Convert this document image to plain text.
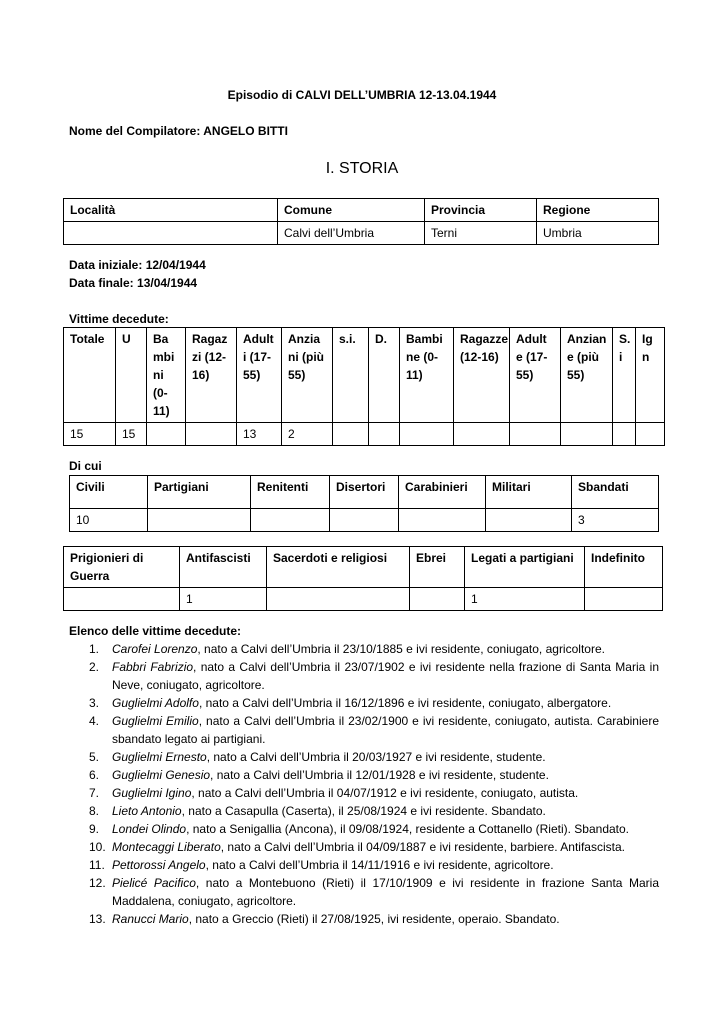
Episodio di CALVI DELL’UMBRIA 12-13.04.1944
Nome del Compilatore: ANGELO BITTI
I. STORIA
Località	Comune	Provincia	Regione
	Calvi dell’Umbria	Terni	Umbria
Data iniziale: 12/04/1944
Data finale: 13/04/1944
Vittime decedute:
Totale	U	Ba mbi ni (0- 11)	Ragaz zi (12- 16)	Adult i (17- 55)	Anzia ni (più 55)	s.i.	D.	Bambi ne (0- 11)	Ragazze (12-16)	Adult e (17- 55)	Anzian e (più 55)	S. i	Ig n
15	15			13	2								
Di cui
Civili	Partigiani	Renitenti	Disertori	Carabinieri	Militari	Sbandati
10						3
Prigionieri di Guerra	Antifascisti	Sacerdoti e religiosi	Ebrei	Legati a partigiani	Indefinito
	1			1	
Elenco delle vittime decedute:
1. Carofei Lorenzo, nato a Calvi dell’Umbria il 23/10/1885 e ivi residente, coniugato, agricoltore.
2. Fabbri Fabrizio, nato a Calvi dell’Umbria il 23/07/1902 e ivi residente nella frazione di Santa Maria in Neve, coniugato, agricoltore.
3. Guglielmi Adolfo, nato a Calvi dell’Umbria il 16/12/1896 e ivi residente, coniugato, albergatore.
4. Guglielmi Emilio, nato a Calvi dell’Umbria il 23/02/1900 e ivi residente, coniugato, autista. Carabiniere sbandato legato ai partigiani.
5. Guglielmi Ernesto, nato a Calvi dell’Umbria il 20/03/1927 e ivi residente, studente.
6. Guglielmi Genesio, nato a Calvi dell’Umbria il 12/01/1928 e ivi residente, studente.
7. Guglielmi Igino, nato a Calvi dell’Umbria il 04/07/1912 e ivi residente, coniugato, autista.
8. Lieto Antonio, nato a Casapulla (Caserta), il 25/08/1924 e ivi residente. Sbandato.
9. Londei Olindo, nato a Senigallia (Ancona), il 09/08/1924, residente a Cottanello (Rieti). Sbandato.
10. Montecaggi Liberato, nato a Calvi dell’Umbria il 04/09/1887 e ivi residente, barbiere. Antifascista.
11. Pettorossi Angelo, nato a Calvi dell’Umbria il 14/11/1916 e ivi residente, agricoltore.
12. Pielicé Pacifico, nato a Montebuono (Rieti) il 17/10/1909 e ivi residente in frazione Santa Maria Maddalena, coniugato, agricoltore.
13. Ranucci Mario, nato a Greccio (Rieti) il 27/08/1925, ivi residente, operaio. Sbandato.
